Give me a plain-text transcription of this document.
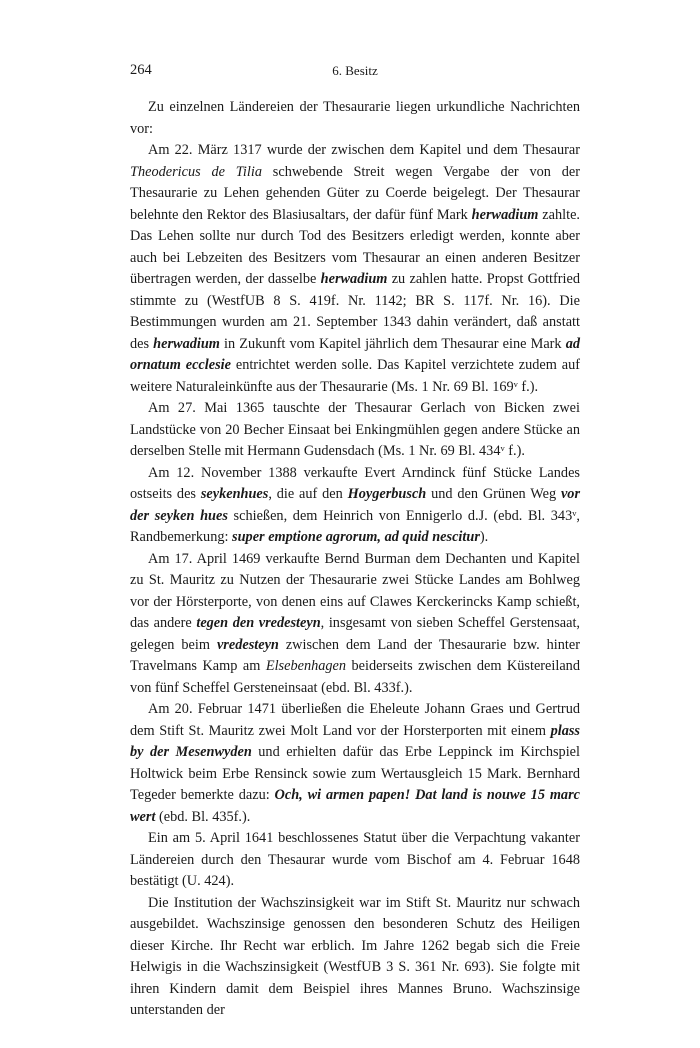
264	6. Besitz

Zu einzelnen Ländereien der Thesaurarie liegen urkundliche Nachrichten vor:

Am 22. März 1317 wurde der zwischen dem Kapitel und dem Thesaurar Theodericus de Tilia schwebende Streit wegen Vergabe der von der Thesaurarie zu Lehen gehenden Güter zu Coerde beigelegt. Der Thesaurar belehnte den Rektor des Blasiusaltars, der dafür fünf Mark herwadium zahlte. Das Lehen sollte nur durch Tod des Besitzers erledigt werden, konnte aber auch bei Lebzeiten des Besitzers vom Thesaurar an einen anderen Besitzer übertragen werden, der dasselbe herwadium zu zahlen hatte. Propst Gottfried stimmte zu (WestfUB 8 S. 419f. Nr. 1142; BR S. 117f. Nr. 16). Die Bestimmungen wurden am 21. September 1343 dahin verändert, daß anstatt des herwadium in Zukunft vom Kapitel jährlich dem Thesaurar eine Mark ad ornatum ecclesie entrichtet werden solle. Das Kapitel verzichtete zudem auf weitere Naturaleinkünfte aus der Thesaurarie (Ms. 1 Nr. 69 Bl. 169ᵛ f.).

Am 27. Mai 1365 tauschte der Thesaurar Gerlach von Bicken zwei Landstücke von 20 Becher Einsaat bei Enkingmühlen gegen andere Stücke an derselben Stelle mit Hermann Gudensdach (Ms. 1 Nr. 69 Bl. 434ᵛ f.).

Am 12. November 1388 verkaufte Evert Arndinck fünf Stücke Landes ostseits des seykenhues, die auf den Hoygerbusch und den Grünen Weg vor der seyken hues schießen, dem Heinrich von Ennigerlo d.J. (ebd. Bl. 343ᵛ, Randbemerkung: super emptione agrorum, ad quid nescitur).

Am 17. April 1469 verkaufte Bernd Burman dem Dechanten und Kapitel zu St. Mauritz zu Nutzen der Thesaurarie zwei Stücke Landes am Bohlweg vor der Hörsterporte, von denen eins auf Clawes Kerckerincks Kamp schießt, das andere tegen den vredesteyn, insgesamt von sieben Scheffel Gerstensaat, gelegen beim vredesteyn zwischen dem Land der Thesaurarie bzw. hinter Travelmans Kamp am Elsebenhagen beiderseits zwischen dem Küstereiland von fünf Scheffel Gersteneinsaat (ebd. Bl. 433f.).

Am 20. Februar 1471 überließen die Eheleute Johann Graes und Gertrud dem Stift St. Mauritz zwei Molt Land vor der Horsterporten mit einem plass by der Mesenwyden und erhielten dafür das Erbe Leppinck im Kirchspiel Holtwick beim Erbe Rensinck sowie zum Wertausgleich 15 Mark. Bernhard Tegeder bemerkte dazu: Och, wi armen papen! Dat land is nouwe 15 marc wert (ebd. Bl. 435f.).

Ein am 5. April 1641 beschlossenes Statut über die Verpachtung vakanter Ländereien durch den Thesaurar wurde vom Bischof am 4. Februar 1648 bestätigt (U. 424).

Die Institution der Wachszinsigkeit war im Stift St. Mauritz nur schwach ausgebildet. Wachszinsige genossen den besonderen Schutz des Heiligen dieser Kirche. Ihr Recht war erblich. Im Jahre 1262 begab sich die Freie Helwigis in die Wachszinsigkeit (WestfUB 3 S. 361 Nr. 693). Sie folgte mit ihren Kindern damit dem Beispiel ihres Mannes Bruno. Wachszinsige unterstanden der
